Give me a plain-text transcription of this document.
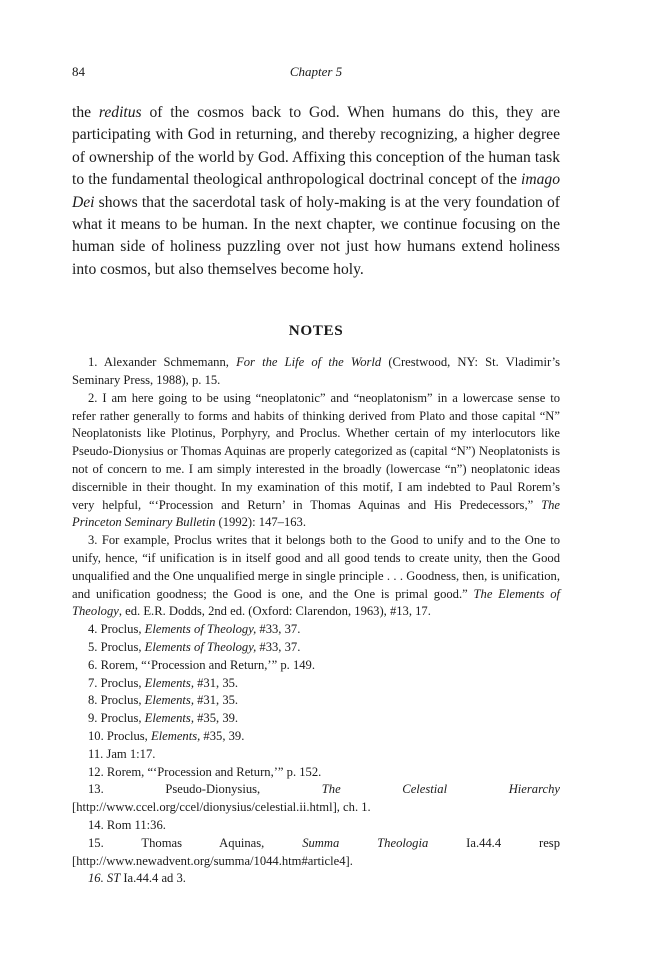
84	Chapter 5

the reditus of the cosmos back to God. When humans do this, they are participating with God in returning, and thereby recognizing, a higher degree of ownership of the world by God. Affixing this conception of the human task to the fundamental theological anthropological doctrinal concept of the imago Dei shows that the sacerdotal task of holy-making is at the very foundation of what it means to be human. In the next chapter, we continue focusing on the human side of holiness puzzling over not just how humans extend holiness into cosmos, but also themselves become holy.

NOTES

1. Alexander Schmemann, For the Life of the World (Crestwood, NY: St. Vladimir’s Seminary Press, 1988), p. 15.

2. I am here going to be using “neoplatonic” and “neoplatonism” in a lowercase sense to refer rather generally to forms and habits of thinking derived from Plato and those capital “N” Neoplatonists like Plotinus, Porphyry, and Proclus. Whether certain of my interlocutors like Pseudo-Dionysius or Thomas Aquinas are properly categorized as (capital “N”) Neoplatonists is not of concern to me. I am simply interested in the broadly (lowercase “n”) neoplatonic ideas discernible in their thought. In my examination of this motif, I am indebted to Paul Rorem’s very helpful, “‘Procession and Return’ in Thomas Aquinas and His Predecessors,” The Princeton Seminary Bulletin (1992): 147–163.

3. For example, Proclus writes that it belongs both to the Good to unify and to the One to unify, hence, “if unification is in itself good and all good tends to create unity, then the Good unqualified and the One unqualified merge in single principle . . . Goodness, then, is unification, and unification goodness; the Good is one, and the One is primal good.” The Elements of Theology, ed. E.R. Dodds, 2nd ed. (Oxford: Clarendon, 1963), #13, 17.

4. Proclus, Elements of Theology, #33, 37.

5. Proclus, Elements of Theology, #33, 37.

6. Rorem, “‘Procession and Return,’” p. 149.

7. Proclus, Elements, #31, 35.

8. Proclus, Elements, #31, 35.

9. Proclus, Elements, #35, 39.

10. Proclus, Elements, #35, 39.

11. Jam 1:17.

12. Rorem, “‘Procession and Return,’” p. 152.

13. Pseudo-Dionysius, The Celestial Hierarchy [http://www.ccel.org/ccel/dionysius/celestial.ii.html], ch. 1.

14. Rom 11:36.

15. Thomas Aquinas, Summa Theologia Ia.44.4 resp [http://www.newadvent.org/summa/1044.htm#article4].

16. ST Ia.44.4 ad 3.
